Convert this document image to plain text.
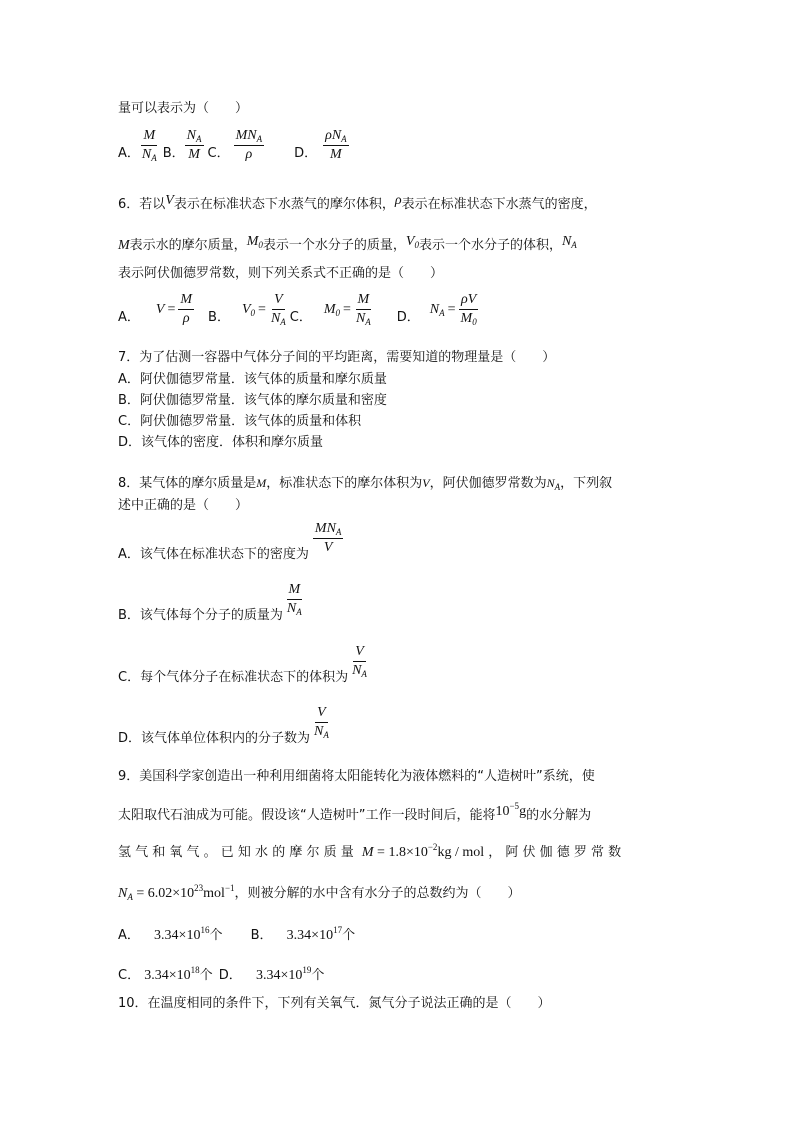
量可以表示为（　　）
A． $\frac{M}{N_A}$ B． $\frac{N_A}{M}$ C． $\frac{MN_A}{\rho}$ D． $\frac{\rho N_A}{M}$
6．若以V表示在标准状态下水蒸气的摩尔体积，ρ表示在标准状态下水蒸气的密度，
M表示水的摩尔质量，$M_0$表示一个水分子的质量，$V_0$表示一个水分子的体积，$N_A$
表示阿伏伽德罗常数，则下列关系式不正确的是（　　）
A．
$V = \frac{M}{\rho}$ B．
$V_0 = \frac{V}{N_A}$ C．
$M_0 = \frac{M}{N_A}$ D．
$N_A = \frac{\rho V}{M_0}$
7．为了估测一容器中气体分子间的平均距离，需要知道的物理量是（　　）
A．阿伏伽德罗常量．该气体的质量和摩尔质量
B．阿伏伽德罗常量．该气体的摩尔质量和密度
C．阿伏伽德罗常量．该气体的质量和体积
D．该气体的密度．体积和摩尔质量
8．某气体的摩尔质量是M，标准状态下的摩尔体积为V，阿伏伽德罗常数为$N_A$，下列叙
述中正确的是（　　）
A．该气体在标准状态下的密度为 $\frac{MN_A}{V}$
B．该气体每个分子的质量为 $\frac{M}{N_A}$
C．每个气体分子在标准状态下的体积为 $\frac{V}{N_A}$
D．该气体单位体积内的分子数为 $\frac{V}{N_A}$
9．美国科学家创造出一种利用细菌将太阳能转化为液体燃料的“人造树叶”系统，使
太阳取代石油成为可能。假设该“人造树叶”工作一段时间后，能将$10^{-5}g$的水分解为
氢 气 和 氧 气 。 已 知 水 的 摩 尔 质 量 $M = 1.8\times 10^{-2}kg$ / mol ， 阿 伏 伽 德 罗 常 数
$N_A = 6.02\times 10^{23}mol^{-1}$，则被分解的水中含有水分子的总数约为（　　）
A． $3.34\times 10^{16}$个 B． $3.34\times 10^{17}$个
C． $3.34\times 10^{18}$个 D． $3.34\times 10^{19}$个
10．在温度相同的条件下，下列有关氧气．氮气分子说法正确的是（　　）
